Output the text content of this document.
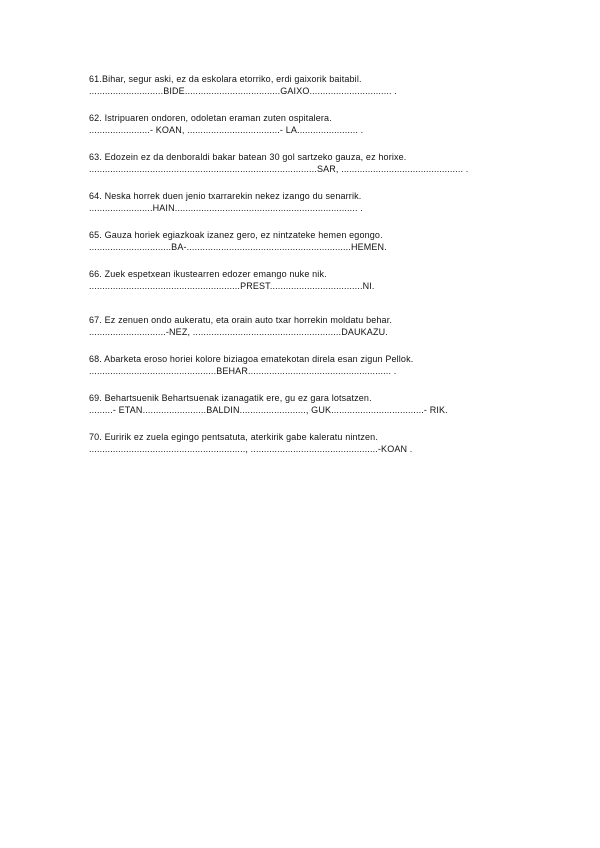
61.Bihar, segur aski, ez da eskolara etorriko, erdi gaixorik baitabil.
............................BIDE....................................GAIXO............................... .
62. Istripuaren ondoren, odoletan eraman zuten ospitalera.
.......................- KOAN, ...................................- LA....................... .
63. Edozein ez da denboraldi bakar batean 30 gol sartzeko gauza, ez horixe.
......................................................................................SAR, .............................................. .
64. Neska horrek duen jenio txarrarekin nekez izango du senarrik.
........................HAIN..................................................................... .
65. Gauza horiek egiazkoak izanez gero, ez nintzateke hemen egongo.
...............................BA-..............................................................HEMEN.
66. Zuek espetxean ikustearren edozer emango nuke nik.
.........................................................PREST...................................NI.
67. Ez zenuen ondo aukeratu, eta orain auto txar horrekin moldatu behar.
.............................-NEZ, ........................................................DAUKAZU.
68. Abarketa eroso horiei kolore biziagoa ematekotan direla esan zigun Pellok.
................................................BEHAR...................................................... .
69. Behartsuenik Behartsuenak izanagatik ere, gu ez gara lotsatzen.
.........- ETAN........................BALDIN........................., GUK...................................- RIK.
70. Euririk ez zuela egingo pentsatuta, aterkirik gabe kaleratu nintzen.
..........................................................., ................................................-KOAN .
